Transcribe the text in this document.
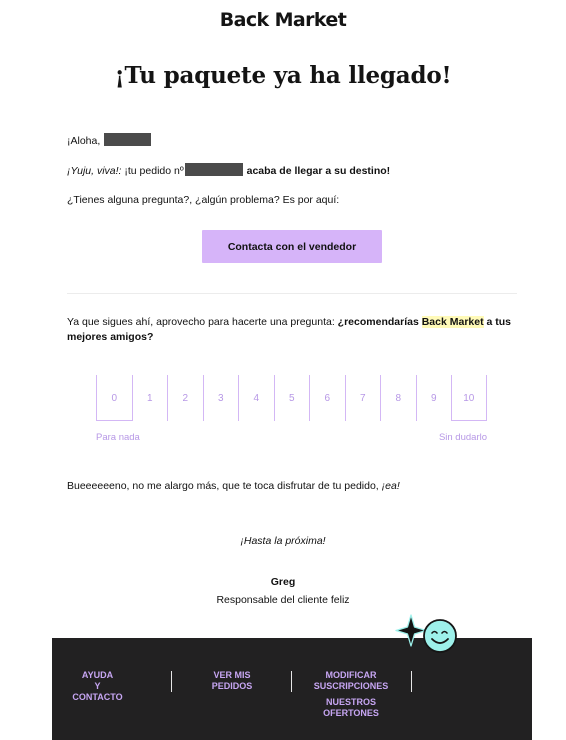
Back Market
¡Tu paquete ya ha llegado!
¡Aloha,
¡Yuju, viva!: ¡tu pedido nº	acaba de llegar a su destino!
¿Tienes alguna pregunta?, ¿algún problema? Es por aquí:
Contacta con el vendedor
Ya que sigues ahí, aprovecho para hacerte una pregunta: ¿recomendarías Back Market a tus mejores amigos?
0	1	2	3	4	5	6	7	8	9	10
Para nada	Sin dudarlo
Bueeeeeeno, no me alargo más, que te toca disfrutar de tu pedido, ¡ea!
¡Hasta la próxima!
Greg
Responsable del cliente feliz
AYUDA
Y CONTACTO
VER MIS
PEDIDOS
MODIFICAR
SUSCRIPCIONES
NUESTROS
OFERTONES
